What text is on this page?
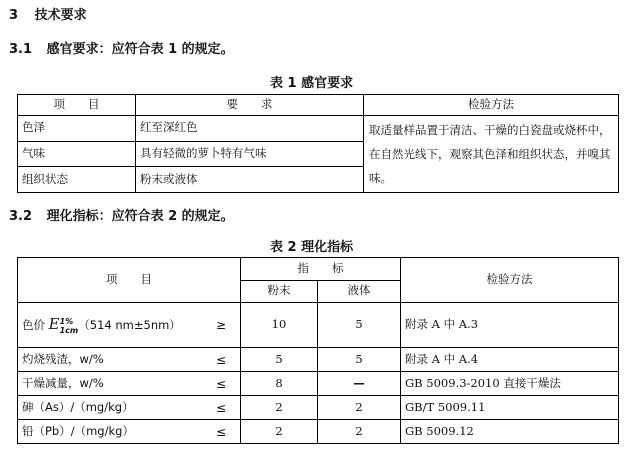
3 技术要求
3.1 感官要求：应符合表 1 的规定。
表 1 感官要求
项　　目	要　　求	检验方法
色泽	红至深红色	取适量样品置于清洁、干燥的白瓷盘或烧杯中，在自然光线下，观察其色泽和组织状态，并嗅其味。
气味	具有轻微的萝卜特有气味	
组织状态	粉末或液体	
3.2 理化指标：应符合表 2 的规定。
表 2 理化指标
项　　目	指　　标		检验方法
	粉末	液体	
色价 E1%
1cm（514 nm±5nm） ≥	10	5	附录 A 中 A.3
灼烧残渣，w/% ≤	5	5	附录 A 中 A.4
干燥减量，w/% ≤	8	—	GB 5009.3-2010 直接干燥法
砷（As）/（mg/kg） ≤	2	2	GB/T 5009.11
铅（Pb）/（mg/kg） ≤	2	2	GB 5009.12
